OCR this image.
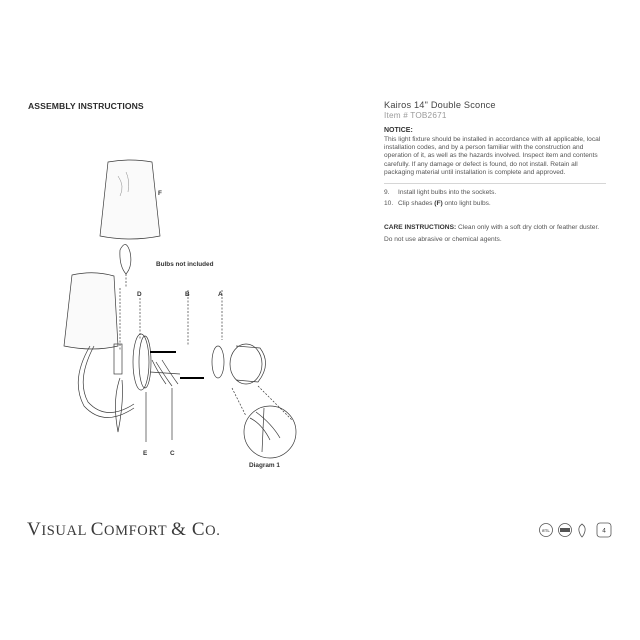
ASSEMBLY INSTRUCTIONS
F
Bulbs not included
D	B	A
E	C
Diagram 1
Kairos 14" Double Sconce
Item # TOB2671
NOTICE:
This light fixture should be installed in accordance with all applicable, local installation codes, and by a person familiar with the construction and operation of it, as well as the hazards involved. Inspect item and contents carefully. If any damage or defect is found, do not install. Retain all packaging material until installation is complete and approved.
9.	Install light bulbs into the sockets.
10. Clip shades (F) onto light bulbs.
CARE INSTRUCTIONS: Clean only with a soft dry cloth or feather duster. Do not use abrasive or chemical agents.
VISUAL COMFORT & CO.	ETL	4
